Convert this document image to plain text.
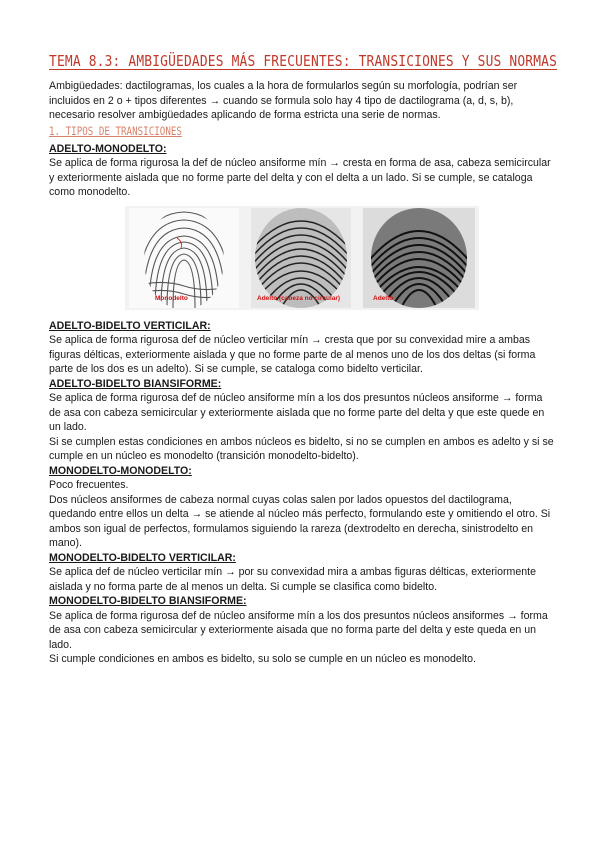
TEMA 8.3: AMBIGÜEDADES MÁS FRECUENTES: TRANSICIONES Y SUS NORMAS

Ambigüedades: dactilogramas, los cuales a la hora de formularlos según su morfología, podrían ser incluidos en 2 o + tipos diferentes → cuando se formula solo hay 4 tipo de dactilograma (a, d, s, b), necesario resolver ambigüedades aplicando de forma estricta una serie de normas.

1. TIPOS DE TRANSICIONES

ADELTO-MONODELTO:

Se aplica de forma rigurosa la def de núcleo ansiforme mín → cresta en forma de asa, cabeza semicircular y exteriormente aislada que no forme parte del delta y con el delta a un lado. Si se cumple, se cataloga como monodelto.

Monodelto	Adelto (cabeza no circular)	Adelto

ADELTO-BIDELTO VERTICILAR:

Se aplica de forma rigurosa def de núcleo verticilar mín → cresta que por su convexidad mire a ambas figuras délticas, exteriormente aislada y que no forme parte de al menos uno de los dos deltas (si forma parte de los dos es un adelto). Si se cumple, se cataloga como bidelto verticilar.

ADELTO-BIDELTO BIANSIFORME:

Se aplica de forma rigurosa def de núcleo ansiforme mín a los dos presuntos núcleos ansiforme → forma de asa con cabeza semicircular y exteriormente aislada que no forme parte del delta y que este quede en un lado.

Si se cumplen estas condiciones en ambos núcleos es bidelto, si no se cumplen en ambos es adelto y si se cumple en un núcleo es monodelto (transición monodelto-bidelto).

MONODELTO-MONODELTO:

Poco frecuentes.

Dos núcleos ansiformes de cabeza normal cuyas colas salen por lados opuestos del dactilograma, quedando entre ellos un delta → se atiende al núcleo más perfecto, formulando este y omitiendo el otro. Si ambos son igual de perfectos, formulamos siguiendo la rareza (dextrodelto en derecha, sinistrodelto en mano).

MONODELTO-BIDELTO VERTICILAR:

Se aplica def de núcleo verticilar mín → por su convexidad mira a ambas figuras délticas, exteriormente aislada y no forma parte de al menos un delta. Si cumple se clasifica como bidelto.

MONODELTO-BIDELTO BIANSIFORME:

Se aplica de forma rigurosa def de núcleo ansiforme mín a los dos presuntos núcleos ansiformes → forma de asa con cabeza semicircular y exteriormente aisada que no forma parte del delta y este queda en un lado.

Si cumple condiciones en ambos es bidelto, su solo se cumple en un núcleo es monodelto.
